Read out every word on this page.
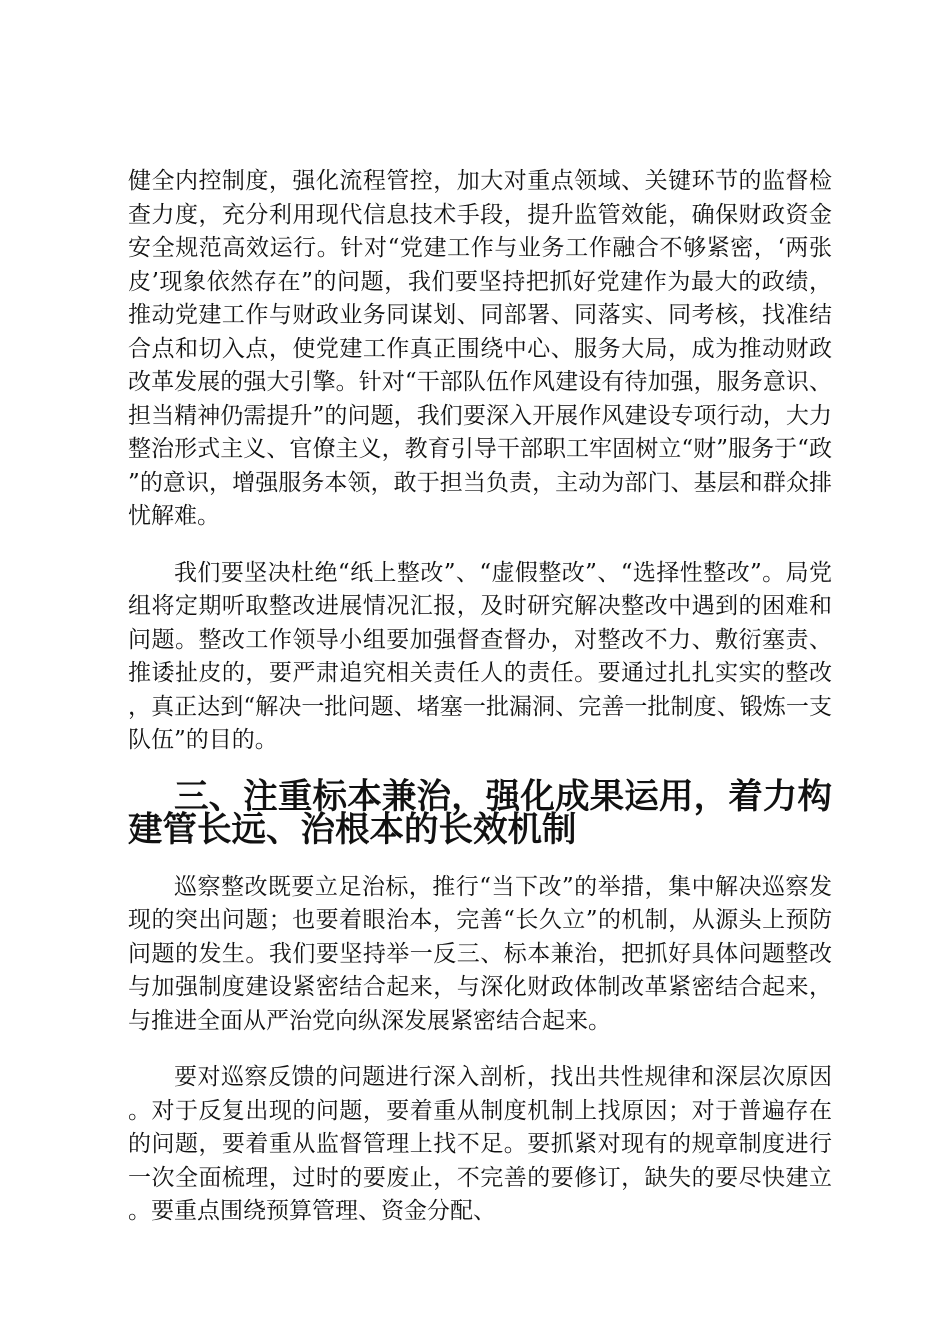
健全内控制度，强化流程管控，加大对重点领域、关键环节的监督检查力度，充分利用现代信息技术手段，提升监管效能，确保财政资金安全规范高效运行。针对“党建工作与业务工作融合不够紧密，‘两张皮’现象依然存在”的问题，我们要坚持把抓好党建作为最大的政绩，推动党建工作与财政业务同谋划、同部署、同落实、同考核，找准结合点和切入点，使党建工作真正围绕中心、服务大局，成为推动财政改革发展的强大引擎。针对“干部队伍作风建设有待加强，服务意识、担当精神仍需提升”的问题，我们要深入开展作风建设专项行动，大力整治形式主义、官僚主义，教育引导干部职工牢固树立“财”服务于“政”的意识，增强服务本领，敢于担当负责，主动为部门、基层和群众排忧解难。

我们要坚决杜绝“纸上整改”、“虚假整改”、“选择性整改”。局党组将定期听取整改进展情况汇报，及时研究解决整改中遇到的困难和问题。整改工作领导小组要加强督查督办，对整改不力、敷衍塞责、推诿扯皮的，要严肃追究相关责任人的责任。要通过扎扎实实的整改，真正达到“解决一批问题、堵塞一批漏洞、完善一批制度、锻炼一支队伍”的目的。

三、注重标本兼治，强化成果运用，着力构建管长远、治根本的长效机制

巡察整改既要立足治标，推行“当下改”的举措，集中解决巡察发现的突出问题；也要着眼治本，完善“长久立”的机制，从源头上预防问题的发生。我们要坚持举一反三、标本兼治，把抓好具体问题整改与加强制度建设紧密结合起来，与深化财政体制改革紧密结合起来，与推进全面从严治党向纵深发展紧密结合起来。

要对巡察反馈的问题进行深入剖析，找出共性规律和深层次原因。对于反复出现的问题，要着重从制度机制上找原因；对于普遍存在的问题，要着重从监督管理上找不足。要抓紧对现有的规章制度进行一次全面梳理，过时的要废止，不完善的要修订，缺失的要尽快建立。要重点围绕预算管理、资金分配、
